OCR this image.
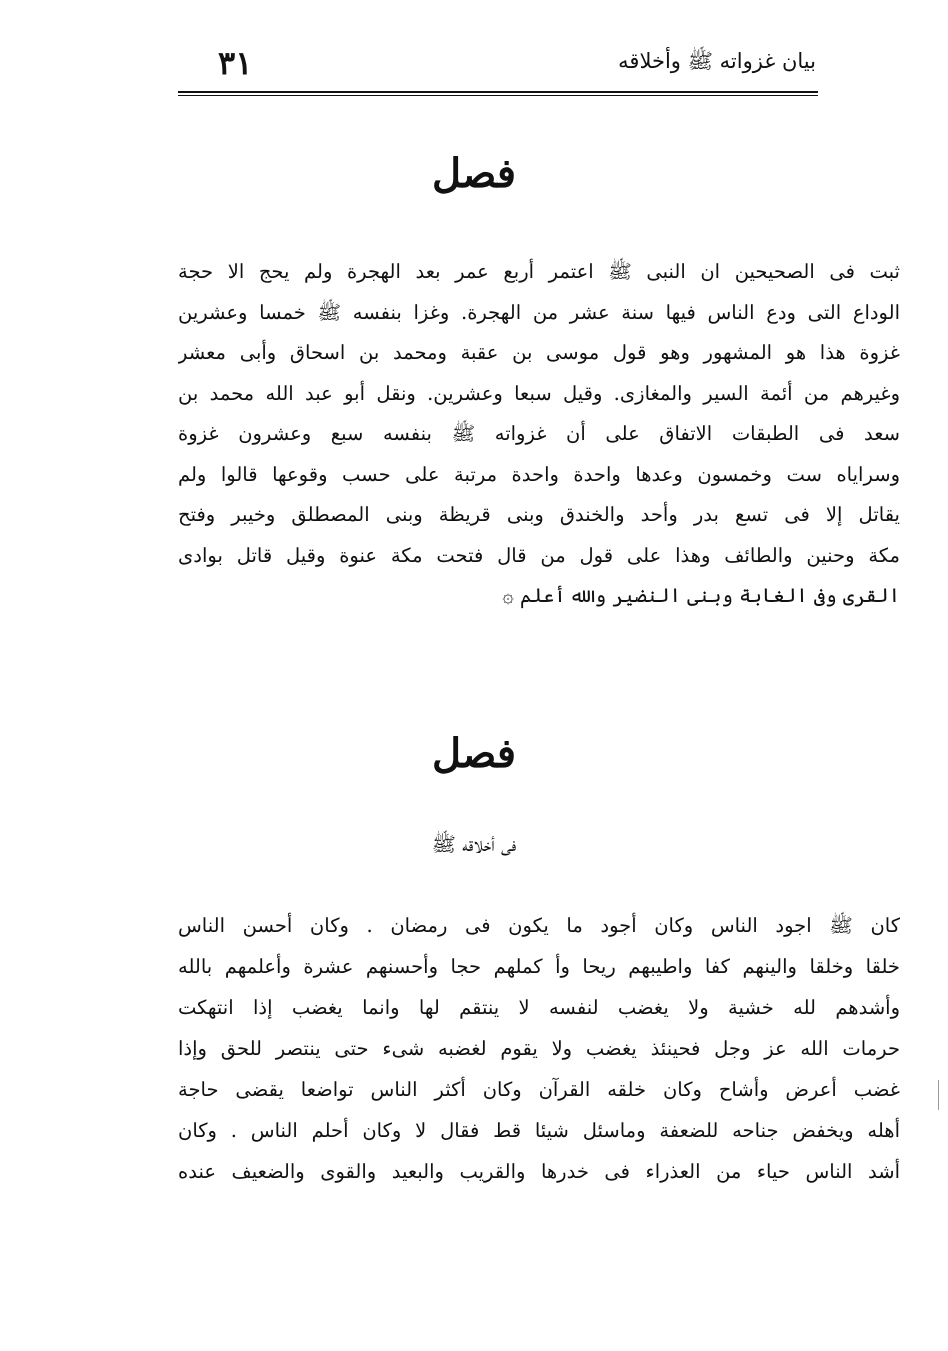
٣١	بيان غزواته ﷺ وأخلاقه
فصل
ثبت فى الصحيحين ان النبى ﷺ اعتمر أربع عمر بعد الهجرة ولم يحج الا حجة
الوداع التى ودع الناس فيها سنة عشر من الهجرة. وغزا بنفسه ﷺ خمسا وعشرين
غزوة هذا هو المشهور وهو قول موسى بن عقبة ومحمد بن اسحاق وأبى معشر
وغيرهم من أئمة السير والمغازى. وقيل سبعا وعشرين. ونقل أبو عبد الله محمد بن
سعد فى الطبقات الاتفاق على أن غزواته ﷺ بنفسه سبع وعشرون غزوة
وسراياه ست وخمسون وعدها واحدة واحدة مرتبة على حسب وقوعها قالوا ولم
يقاتل إلا فى تسع بدر وأحد والخندق وبنى قريظة وبنى المصطلق وخيبر وفتح
مكة وحنين والطائف وهذا على قول من قال فتحت مكة عنوة وقيل قاتل بوادى
القرى وفى الغابة وبنى النضير والله أعلم ۞
فصل
فى أخلاقه ﷺ
كان ﷺ اجود الناس وكان أجود ما يكون فى رمضان . وكان أحسن الناس
خلقا وخلقا والينهم كفا واطيبهم ريحا وأ كملهم حجا وأحسنهم عشرة وأعلمهم بالله
وأشدهم لله خشية ولا يغضب لنفسه لا ينتقم لها وانما يغضب إذا انتهكت
حرمات الله عز وجل فحينئذ يغضب ولا يقوم لغضبه شىء حتى ينتصر للحق وإذا
غضب أعرض وأشاح وكان خلقه القرآن وكان أكثر الناس تواضعا يقضى حاجة
أهله ويخفض جناحه للضعفة وماسئل شيئا قط فقال لا وكان أحلم الناس . وكان
أشد الناس حياء من العذراء فى خدرها والقريب والبعيد والقوى والضعيف عنده
